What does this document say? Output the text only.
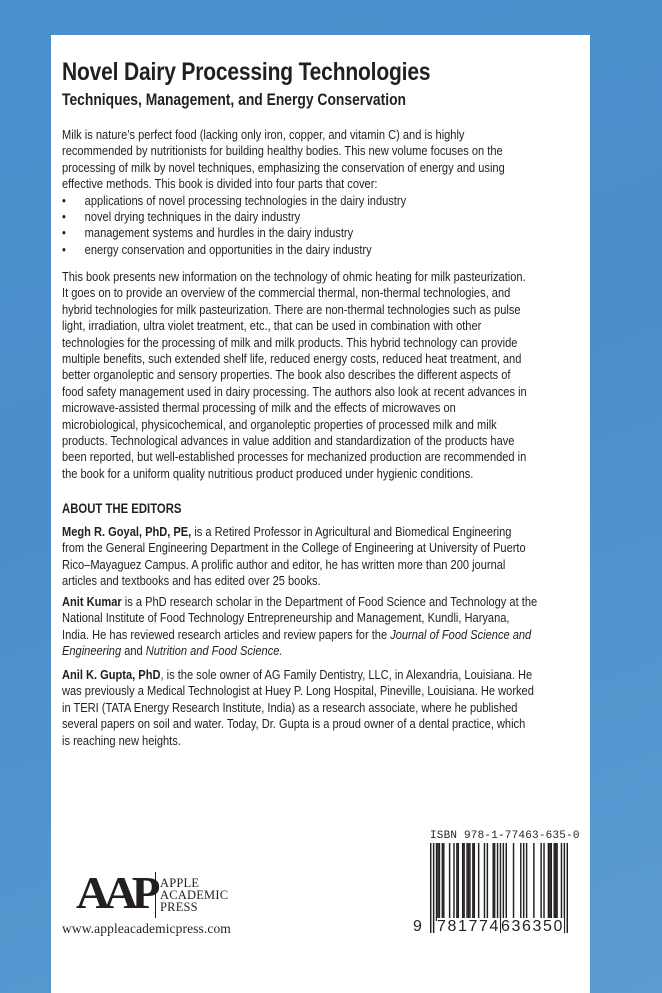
Novel Dairy Processing Technologies
Techniques, Management, and Energy Conservation
Milk is nature’s perfect food (lacking only iron, copper, and vitamin C) and is highly
recommended by nutritionists for building healthy bodies. This new volume focuses on the
processing of milk by novel techniques, emphasizing the conservation of energy and using
effective methods. This book is divided into four parts that cover:
• applications of novel processing technologies in the dairy industry
• novel drying techniques in the dairy industry
• management systems and hurdles in the dairy industry
• energy conservation and opportunities in the dairy industry
This book presents new information on the technology of ohmic heating for milk pasteurization.
It goes on to provide an overview of the commercial thermal, non-thermal technologies, and
hybrid technologies for milk pasteurization. There are non-thermal technologies such as pulse
light, irradiation, ultra violet treatment, etc., that can be used in combination with other
technologies for the processing of milk and milk products. This hybrid technology can provide
multiple benefits, such extended shelf life, reduced energy costs, reduced heat treatment, and
better organoleptic and sensory properties. The book also describes the different aspects of
food safety management used in dairy processing. The authors also look at recent advances in
microwave-assisted thermal processing of milk and the effects of microwaves on
microbiological, physicochemical, and organoleptic properties of processed milk and milk
products. Technological advances in value addition and standardization of the products have
been reported, but well-established processes for mechanized production are recommended in
the book for a uniform quality nutritious product produced under hygienic conditions.
ABOUT THE EDITORS
Megh R. Goyal, PhD, PE, is a Retired Professor in Agricultural and Biomedical Engineering
from the General Engineering Department in the College of Engineering at University of Puerto
Rico–Mayaguez Campus. A prolific author and editor, he has written more than 200 journal
articles and textbooks and has edited over 25 books.
Anit Kumar is a PhD research scholar in the Department of Food Science and Technology at the
National Institute of Food Technology Entrepreneurship and Management, Kundli, Haryana,
India. He has reviewed research articles and review papers for the Journal of Food Science and
Engineering and Nutrition and Food Science.
Anil K. Gupta, PhD, is the sole owner of AG Family Dentistry, LLC, in Alexandria, Louisiana. He
was previously a Medical Technologist at Huey P. Long Hospital, Pineville, Louisiana. He worked
in TERI (TATA Energy Research Institute, India) as a research associate, where he published
several papers on soil and water. Today, Dr. Gupta is a proud owner of a dental practice, which
is reaching new heights.
AAP APPLE
ACADEMIC
PRESS
www.appleacademicpress.com
ISBN 978-1-77463-635-0
9 781774 636350
